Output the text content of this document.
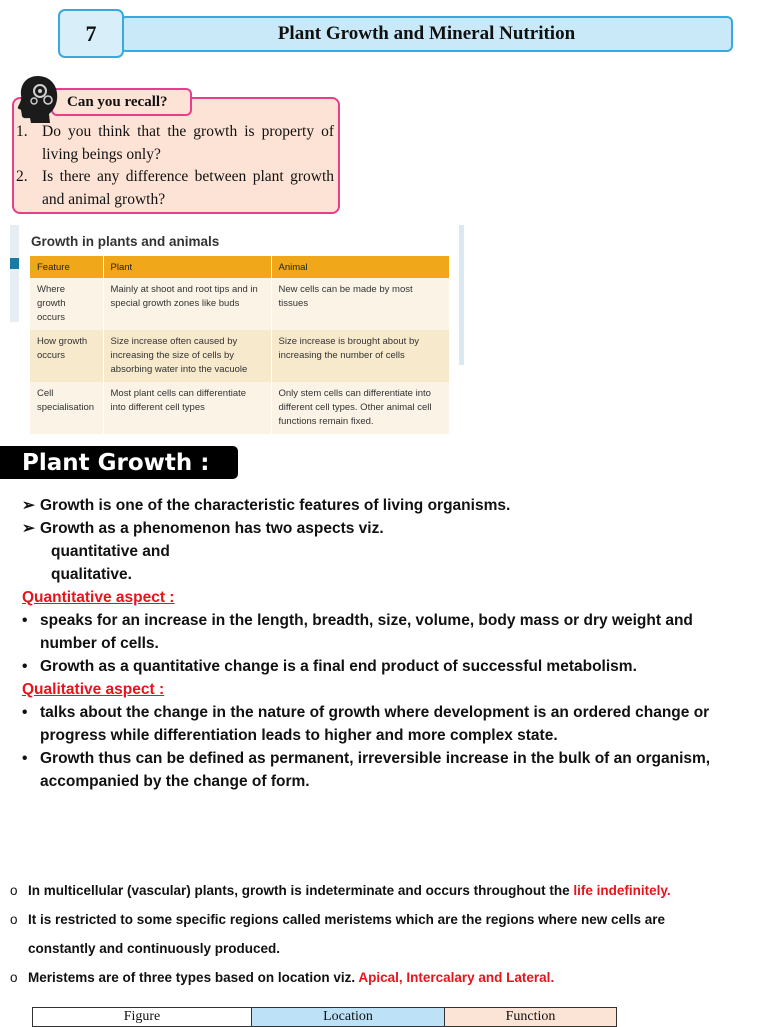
Plant Growth and Mineral Nutrition
7
Can you recall?
1. Do you think that the growth is property of living beings only?
2. Is there any difference between plant growth and animal growth?
Growth in plants and animals
Feature	Plant	Animal
Where growth occurs	Mainly at shoot and root tips and in special growth zones like buds	New cells can be made by most tissues
How growth occurs	Size increase often caused by increasing the size of cells by absorbing water into the vacuole	Size increase is brought about by increasing the number of cells
Cell specialisation	Most plant cells can differentiate into different cell types	Only stem cells can differentiate into different cell types. Other animal cell functions remain fixed.
Plant Growth :
➢ Growth is one of the characteristic features of living organisms.
➢ Growth as a phenomenon has two aspects viz.
quantitative and
qualitative.
Quantitative aspect :
• speaks for an increase in the length, breadth, size, volume, body mass or dry weight and number of cells.
• Growth as a quantitative change is a final end product of successful metabolism.
Qualitative aspect :
• talks about the change in the nature of growth where development is an ordered change or progress while differentiation leads to higher and more complex state.
• Growth thus can be defined as permanent, irreversible increase in the bulk of an organism, accompanied by the change of form.
o In multicellular (vascular) plants, growth is indeterminate and occurs throughout the life indefinitely.
o It is restricted to some specific regions called meristems which are the regions where new cells are
constantly and continuously produced.
o Meristems are of three types based on location viz. Apical, Intercalary and Lateral.
Figure	Location	Function
